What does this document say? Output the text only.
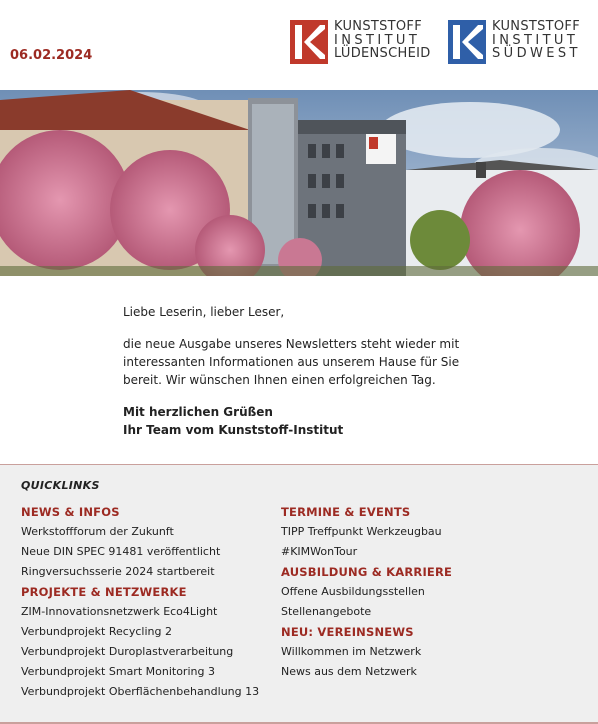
06.02.2024
KUNSTSTOFF
INSTITUT
LÜDENSCHEID
KUNSTSTOFF
INSTITUT
SÜDWEST

Liebe Leserin, lieber Leser,

die neue Ausgabe unseres Newsletters steht wieder mit interessanten Informationen aus unserem Hause für Sie bereit. Wir wünschen Ihnen einen erfolgreichen Tag.

Mit herzlichen Grüßen
Ihr Team vom Kunststoff-Institut
QUICKLINKS
NEWS & INFOS
Werkstoffforum der Zukunft
Neue DIN SPEC 91481 veröffentlicht
Ringversuchsserie 2024 startbereit
PROJEKTE & NETZWERKE
ZIM-Innovationsnetzwerk Eco4Light
Verbundprojekt Recycling 2
Verbundprojekt Duroplastverarbeitung
Verbundprojekt Smart Monitoring 3
Verbundprojekt Oberflächenbehandlung 13
TERMINE & EVENTS
TIPP Treffpunkt Werkzeugbau
#KIMWonTour
AUSBILDUNG & KARRIERE
Offene Ausbildungsstellen
Stellenangebote
NEU: VEREINSNEWS
Willkommen im Netzwerk
News aus dem Netzwerk
